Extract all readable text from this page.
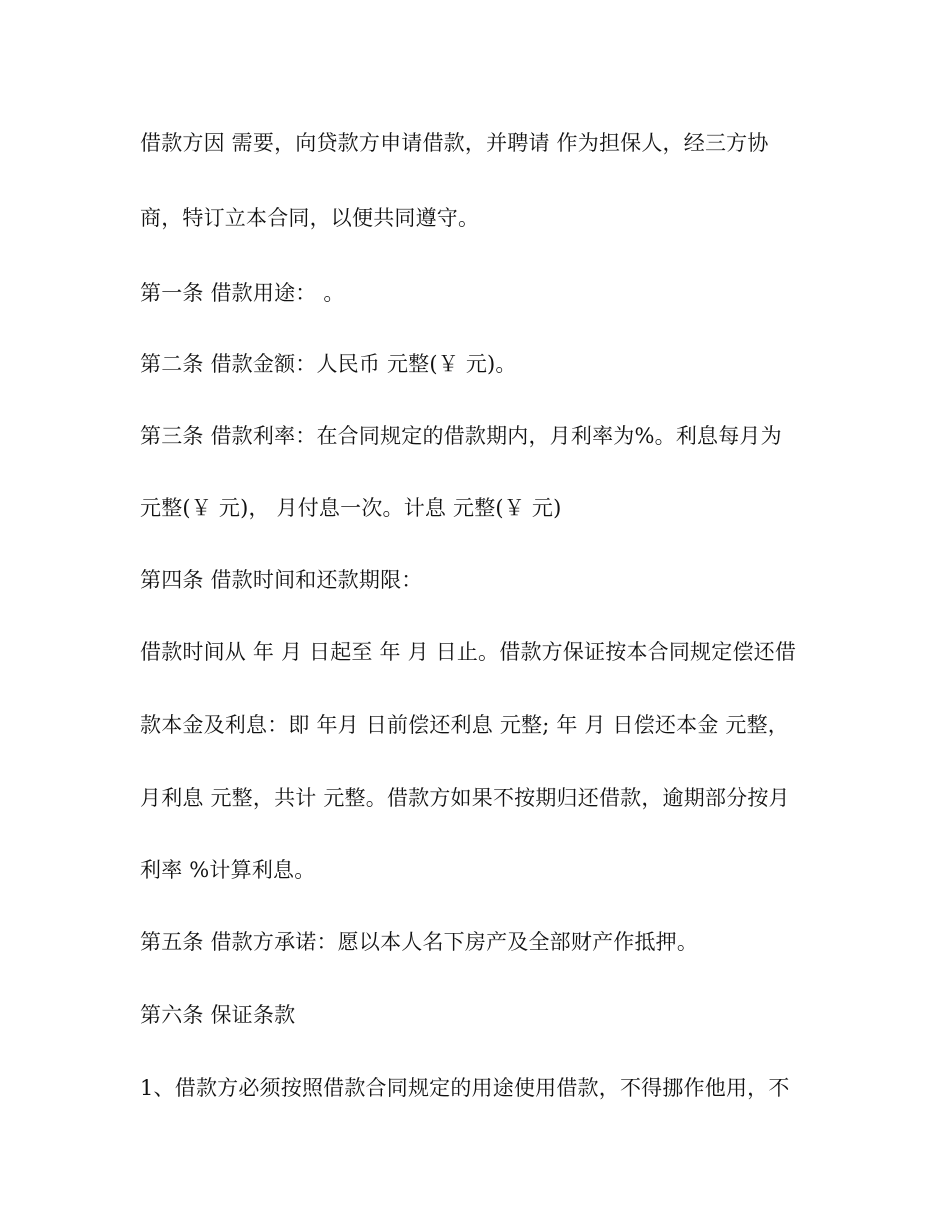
借款方因 需要，向贷款方申请借款，并聘请 作为担保人，经三方协
商，特订立本合同，以便共同遵守。
第一条 借款用途： 。
第二条 借款金额：人民币 元整(￥ 元)。
第三条 借款利率：在合同规定的借款期内，月利率为%。利息每月为
元整(￥ 元)， 月付息一次。计息 元整(￥ 元)
第四条 借款时间和还款期限：
借款时间从 年 月 日起至 年 月 日止。借款方保证按本合同规定偿还借
款本金及利息：即 年月 日前偿还利息 元整; 年 月 日偿还本金 元整，
月利息 元整，共计 元整。借款方如果不按期归还借款，逾期部分按月
利率 %计算利息。
第五条 借款方承诺：愿以本人名下房产及全部财产作抵押。
第六条 保证条款
1、借款方必须按照借款合同规定的用途使用借款，不得挪作他用，不
